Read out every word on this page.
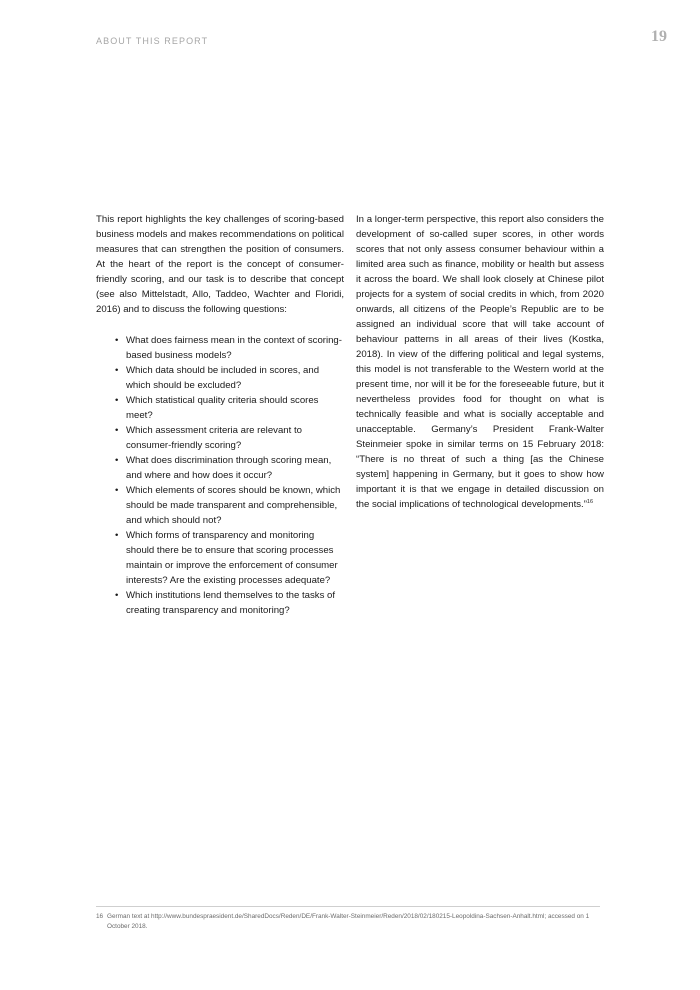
ABOUT THIS REPORT	19

This report highlights the key challenges of scoring-based business models and makes recommendations on political measures that can strengthen the position of consumers. At the heart of the report is the concept of consumer-friendly scoring, and our task is to describe that concept (see also Mittelstadt, Allo, Taddeo, Wachter and Floridi, 2016) and to discuss the following questions:

• What does fairness mean in the context of scoring-based business models?
• Which data should be included in scores, and which should be excluded?
• Which statistical quality criteria should scores meet?
• Which assessment criteria are relevant to consumer-friendly scoring?
• What does discrimination through scoring mean, and where and how does it occur?
• Which elements of scores should be known, which should be made transparent and comprehensible, and which should not?
• Which forms of transparency and monitoring should there be to ensure that scoring processes maintain or improve the enforcement of consumer interests? Are the existing processes adequate?
• Which institutions lend themselves to the tasks of creating transparency and monitoring?

In a longer-term perspective, this report also considers the development of so-called super scores, in other words scores that not only assess consumer behaviour within a limited area such as finance, mobility or health but assess it across the board. We shall look closely at Chinese pilot projects for a system of social credits in which, from 2020 onwards, all citizens of the People’s Republic are to be assigned an individual score that will take account of behaviour patterns in all areas of their lives (Kostka, 2018). In view of the differing political and legal systems, this model is not transferable to the Western world at the present time, nor will it be for the foreseeable future, but it nevertheless provides food for thought on what is technically feasible and what is socially acceptable and unacceptable. Germany’s President Frank-Walter Steinmeier spoke in similar terms on 15 February 2018: “There is no threat of such a thing [as the Chinese system] happening in Germany, but it goes to show how important it is that we engage in detailed discussion on the social implications of technological developments.”$^{16}$

16 German text at http://www.bundespraesident.de/SharedDocs/Reden/DE/Frank-Walter-Steinmeier/Reden/2018/02/180215-Leopoldina-Sachsen-Anhalt.html; accessed on 1 October 2018.
